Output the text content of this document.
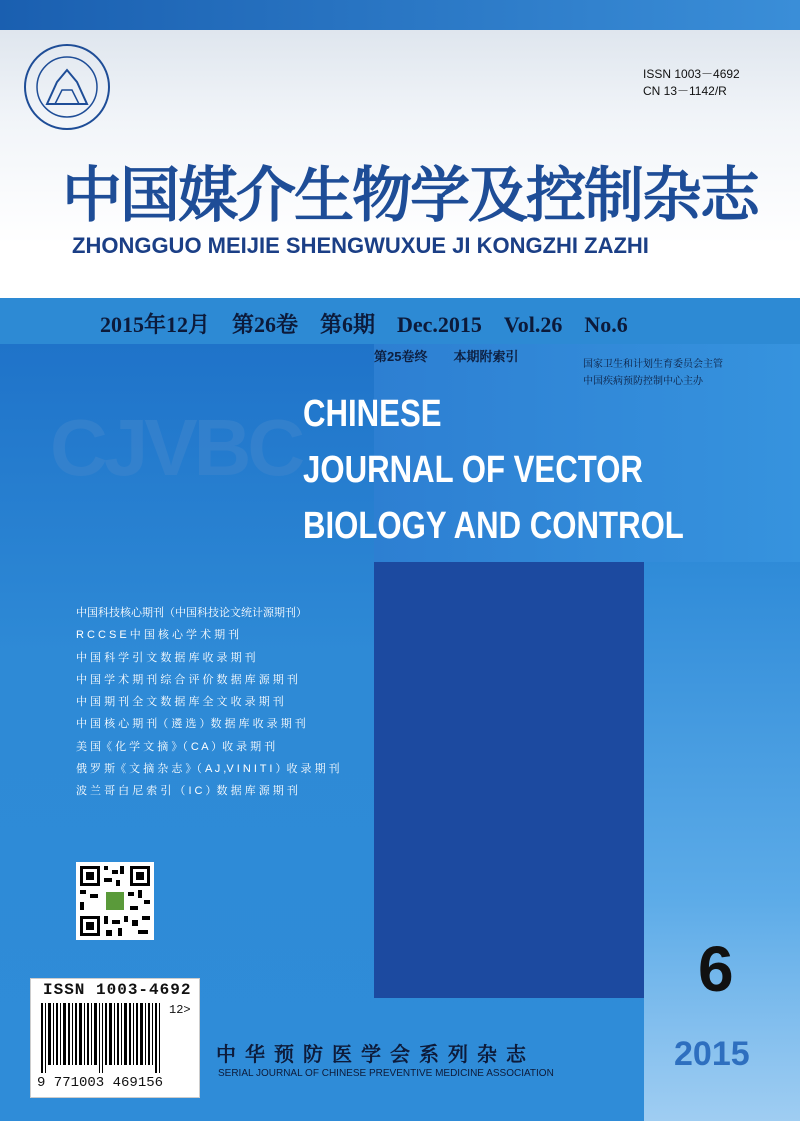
ISSN 1003－4692
CN 13－1142/R
中国媒介生物学及控制杂志
ZHONGGUO MEIJIE SHENGWUXUE JI KONGZHI ZAZHI
2015年12月　第26卷　第6期　Dec.2015　Vol.26　No.6
第25卷终　　本期附索引
国家卫生和计划生育委员会主管
中国疾病预防控制中心主办
CJVBC CHINESE
JOURNAL OF VECTOR
BIOLOGY AND CONTROL
中国科技核心期刊（中国科技论文统计源期刊）
R C C S E 中 国 核 心 学 术 期 刊
中 国 科 学 引 文 数 据 库 收 录 期 刊
中 国 学 术 期 刊 综 合 评 价 数 据 库 源 期 刊
中 国 期 刊 全 文 数 据 库 全 文 收 录 期 刊
中 国 核 心 期 刊（ 遴 选 ）数 据 库 收 录 期 刊
美 国《 化 学 文 摘 》（ C A ）收 录 期 刊
俄 罗 斯《 文 摘 杂 志 》（ A J ,V I N I T I ）收 录 期 刊
波 兰 哥 白 尼 索 引 （ I C ）数 据 库 源 期 刊
6
2015
ISSN 1003-4692
12>
9 771003 469156
中华预防医学会系列杂志
SERIAL JOURNAL OF CHINESE PREVENTIVE MEDICINE ASSOCIATION
